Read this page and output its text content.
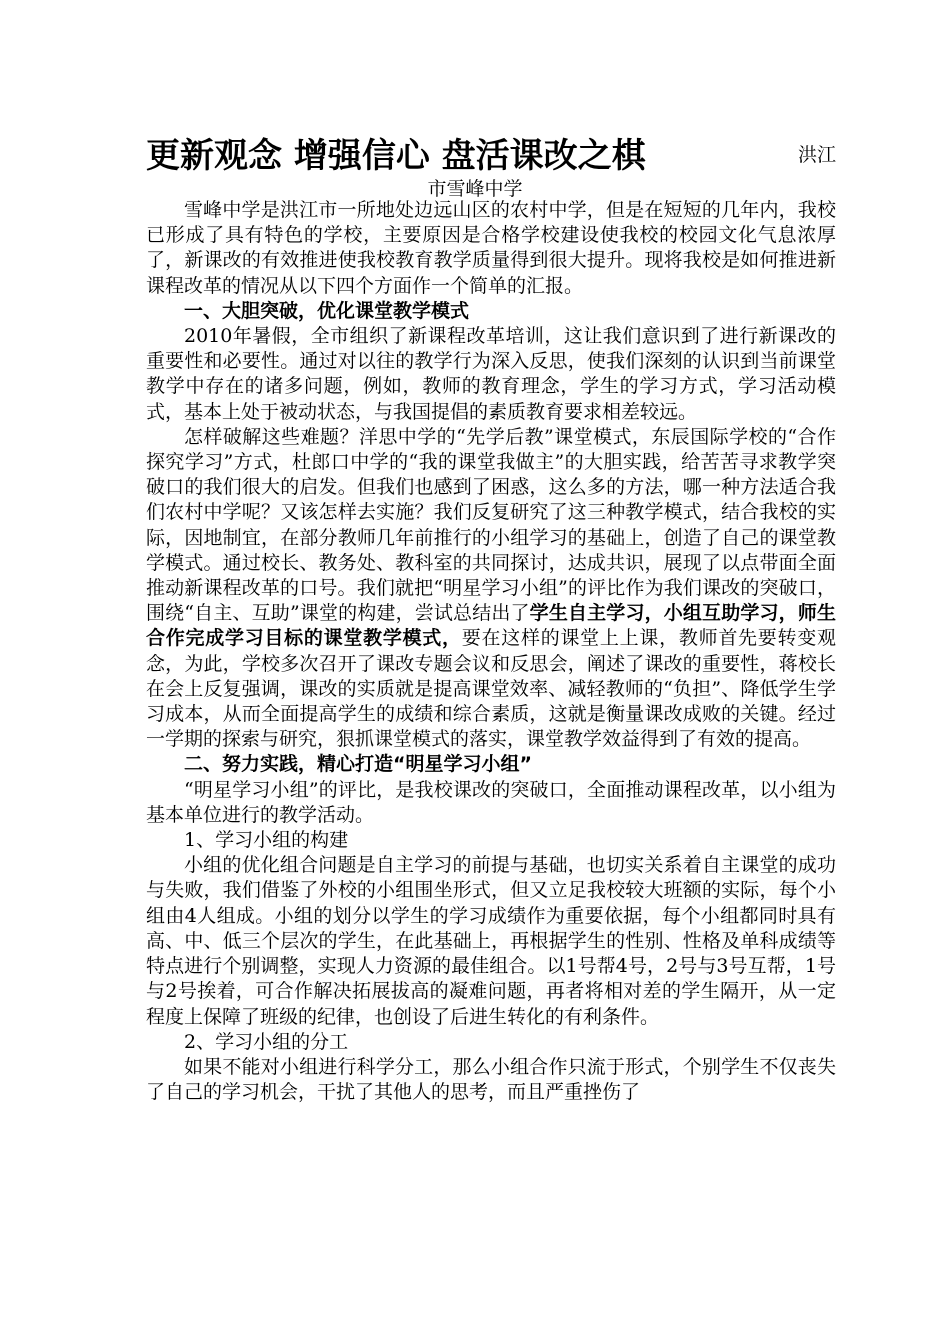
更新观念 增强信心 盘活课改之棋	洪江
市雪峰中学

雪峰中学是洪江市一所地处边远山区的农村中学，但是在短短的几年内，我校已形成了具有特色的学校，主要原因是合格学校建设使我校的校园文化气息浓厚了，新课改的有效推进使我校教育教学质量得到很大提升。现将我校是如何推进新课程改革的情况从以下四个方面作一个简单的汇报。

一、大胆突破，优化课堂教学模式

2010年暑假，全市组织了新课程改革培训，这让我们意识到了进行新课改的重要性和必要性。通过对以往的教学行为深入反思，使我们深刻的认识到当前课堂教学中存在的诸多问题，例如，教师的教育理念，学生的学习方式，学习活动模式，基本上处于被动状态，与我国提倡的素质教育要求相差较远。

怎样破解这些难题？洋思中学的“先学后教”课堂模式，东辰国际学校的“合作探究学习”方式，杜郎口中学的“我的课堂我做主”的大胆实践，给苦苦寻求教学突破口的我们很大的启发。但我们也感到了困惑，这么多的方法，哪一种方法适合我们农村中学呢？又该怎样去实施？我们反复研究了这三种教学模式，结合我校的实际，因地制宜，在部分教师几年前推行的小组学习的基础上，创造了自己的课堂教学模式。通过校长、教务处、教科室的共同探讨，达成共识，展现了以点带面全面推动新课程改革的口号。我们就把“明星学习小组”的评比作为我们课改的突破口，围绕“自主、互助”课堂的构建，尝试总结出了学生自主学习，小组互助学习，师生合作完成学习目标的课堂教学模式，要在这样的课堂上上课，教师首先要转变观念，为此，学校多次召开了课改专题会议和反思会，阐述了课改的重要性，蒋校长在会上反复强调，课改的实质就是提高课堂效率、减轻教师的“负担”、降低学生学习成本，从而全面提高学生的成绩和综合素质，这就是衡量课改成败的关键。经过一学期的探索与研究，狠抓课堂模式的落实，课堂教学效益得到了有效的提高。

二、努力实践，精心打造“明星学习小组”

“明星学习小组”的评比，是我校课改的突破口，全面推动课程改革，以小组为基本单位进行的教学活动。

1、学习小组的构建

小组的优化组合问题是自主学习的前提与基础，也切实关系着自主课堂的成功与失败，我们借鉴了外校的小组围坐形式，但又立足我校较大班额的实际，每个小组由4人组成。小组的划分以学生的学习成绩作为重要依据，每个小组都同时具有高、中、低三个层次的学生，在此基础上，再根据学生的性别、性格及单科成绩等特点进行个别调整，实现人力资源的最佳组合。以1号帮4号，2号与3号互帮，1号与2号挨着，可合作解决拓展拔高的凝难问题，再者将相对差的学生隔开，从一定程度上保障了班级的纪律，也创设了后进生转化的有利条件。

2、学习小组的分工

如果不能对小组进行科学分工，那么小组合作只流于形式，个别学生不仅丧失了自己的学习机会，干扰了其他人的思考，而且严重挫伤了
